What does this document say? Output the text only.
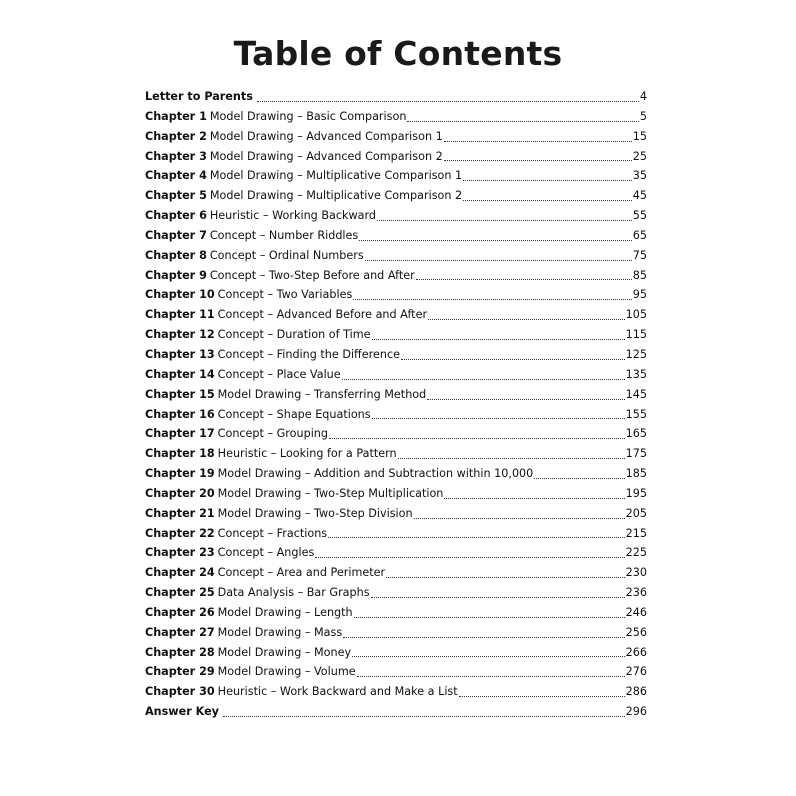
Table of Contents
Letter to Parents	4
Chapter 1 Model Drawing – Basic Comparison	5
Chapter 2 Model Drawing – Advanced Comparison 1	15
Chapter 3 Model Drawing – Advanced Comparison 2	25
Chapter 4 Model Drawing – Multiplicative Comparison 1	35
Chapter 5 Model Drawing – Multiplicative Comparison 2	45
Chapter 6 Heuristic – Working Backward	55
Chapter 7 Concept – Number Riddles	65
Chapter 8 Concept – Ordinal Numbers	75
Chapter 9 Concept – Two-Step Before and After	85
Chapter 10 Concept – Two Variables	95
Chapter 11 Concept – Advanced Before and After	105
Chapter 12 Concept – Duration of Time	115
Chapter 13 Concept – Finding the Difference	125
Chapter 14 Concept – Place Value	135
Chapter 15 Model Drawing – Transferring Method	145
Chapter 16 Concept – Shape Equations	155
Chapter 17 Concept – Grouping	165
Chapter 18 Heuristic – Looking for a Pattern	175
Chapter 19 Model Drawing – Addition and Subtraction within 10,000	185
Chapter 20 Model Drawing – Two-Step Multiplication	195
Chapter 21 Model Drawing – Two-Step Division	205
Chapter 22 Concept – Fractions	215
Chapter 23 Concept – Angles	225
Chapter 24 Concept – Area and Perimeter	230
Chapter 25 Data Analysis – Bar Graphs	236
Chapter 26 Model Drawing – Length	246
Chapter 27 Model Drawing – Mass	256
Chapter 28 Model Drawing – Money	266
Chapter 29 Model Drawing – Volume	276
Chapter 30 Heuristic – Work Backward and Make a List	286
Answer Key	296
